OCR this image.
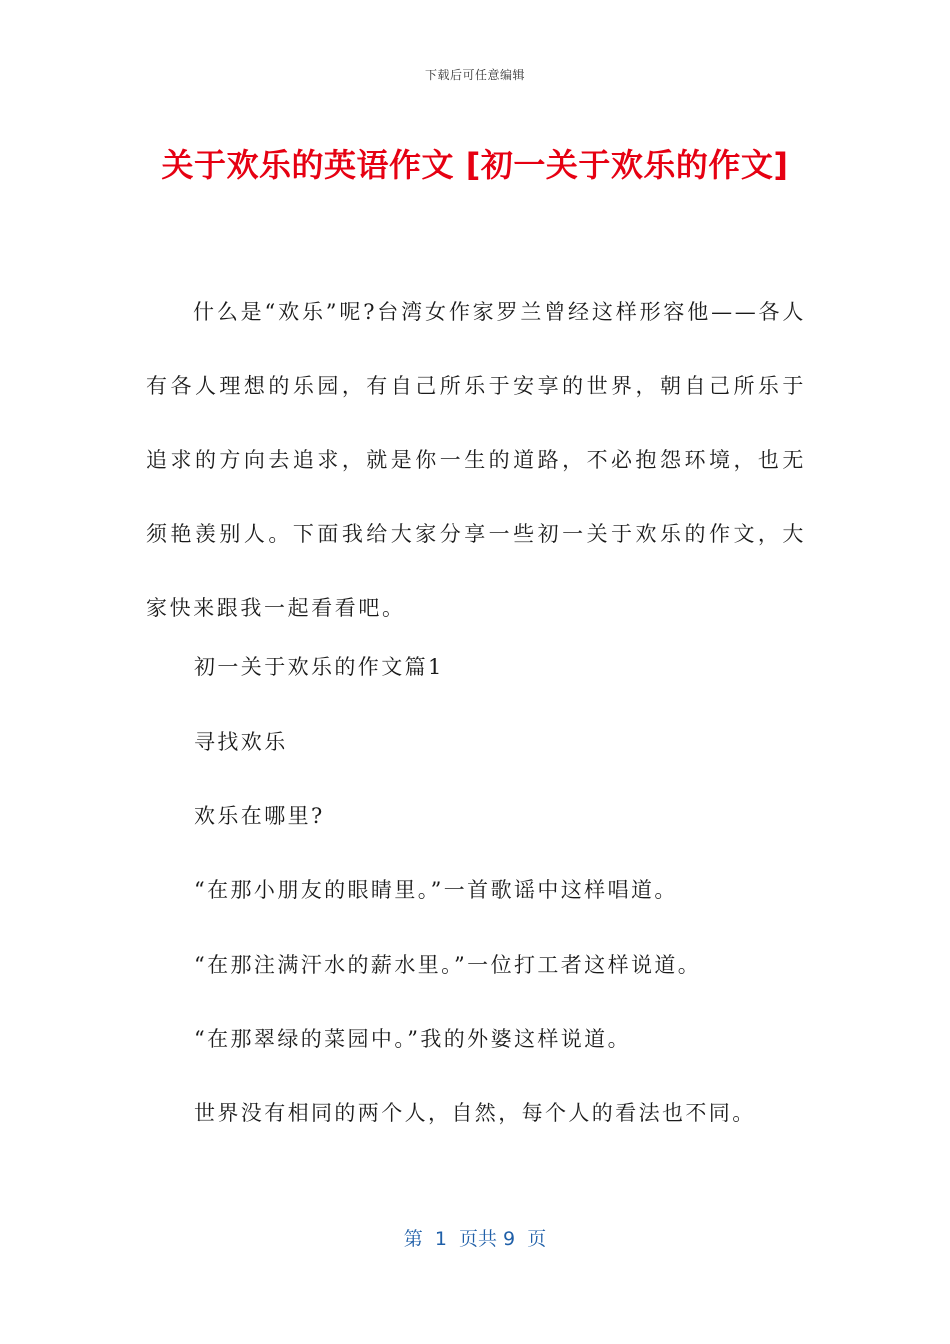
下载后可任意编辑
关于欢乐的英语作文 [初一关于欢乐的作文]

什么是“欢乐”呢?台湾女作家罗兰曾经这样形容他——各人有各人理想的乐园，有自己所乐于安享的世界，朝自己所乐于追求的方向去追求，就是你一生的道路，不必抱怨环境，也无须艳羡别人。下面我给大家分享一些初一关于欢乐的作文，大家快来跟我一起看看吧。

初一关于欢乐的作文篇1

寻找欢乐

欢乐在哪里?

“在那小朋友的眼睛里。”一首歌谣中这样唱道。

“在那注满汗水的薪水里。”一位打工者这样说道。

“在那翠绿的菜园中。”我的外婆这样说道。

世界没有相同的两个人，自然，每个人的看法也不同。

第  1  页共 9  页
